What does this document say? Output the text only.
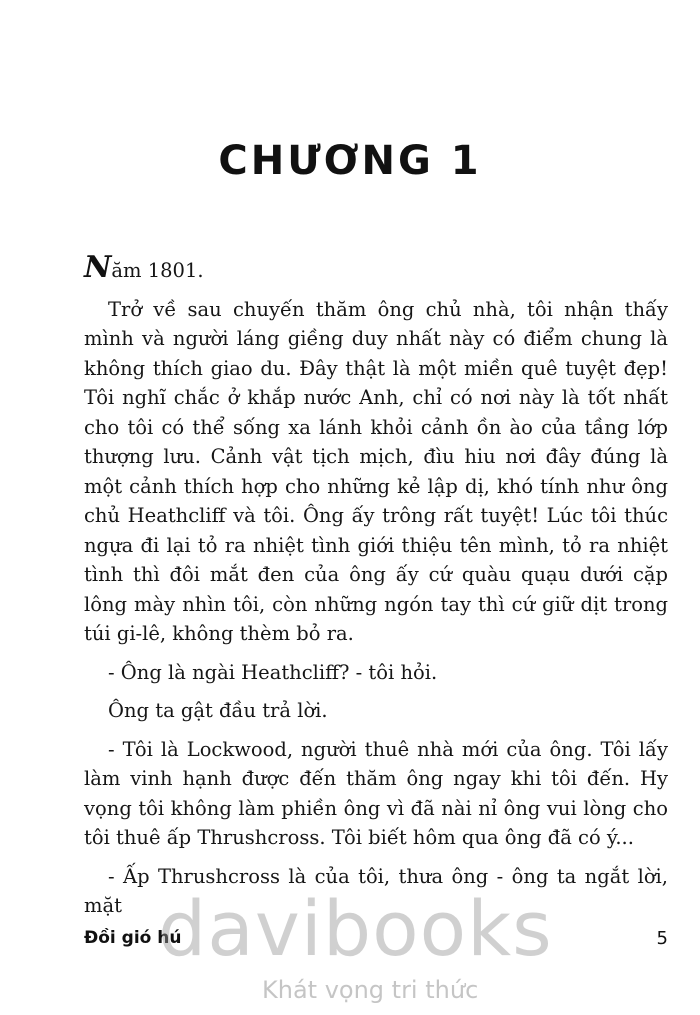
CHƯƠNG 1

Năm 1801.

Trở về sau chuyến thăm ông chủ nhà, tôi nhận thấy mình và người láng giềng duy nhất này có điểm chung là không thích giao du. Đây thật là một miền quê tuyệt đẹp! Tôi nghĩ chắc ở khắp nước Anh, chỉ có nơi này là tốt nhất cho tôi có thể sống xa lánh khỏi cảnh ồn ào của tầng lớp thượng lưu. Cảnh vật tịch mịch, đìu hiu nơi đây đúng là một cảnh thích hợp cho những kẻ lập dị, khó tính như ông chủ Heathcliff và tôi. Ông ấy trông rất tuyệt! Lúc tôi thúc ngựa đi lại tỏ ra nhiệt tình giới thiệu tên mình, tỏ ra nhiệt tình thì đôi mắt đen của ông ấy cứ quàu quạu dưới cặp lông mày nhìn tôi, còn những ngón tay thì cứ giữ dịt trong túi gi-lê, không thèm bỏ ra.

- Ông là ngài Heathcliff? - tôi hỏi.

Ông ta gật đầu trả lời.

- Tôi là Lockwood, người thuê nhà mới của ông. Tôi lấy làm vinh hạnh được đến thăm ông ngay khi tôi đến. Hy vọng tôi không làm phiền ông vì đã nài nỉ ông vui lòng cho tôi thuê ấp Thrushcross. Tôi biết hôm qua ông đã có ý...

- Ấp Thrushcross là của tôi, thưa ông - ông ta ngắt lời, mặt

Đồi gió hú	5
davibooks
Khát vọng tri thức
